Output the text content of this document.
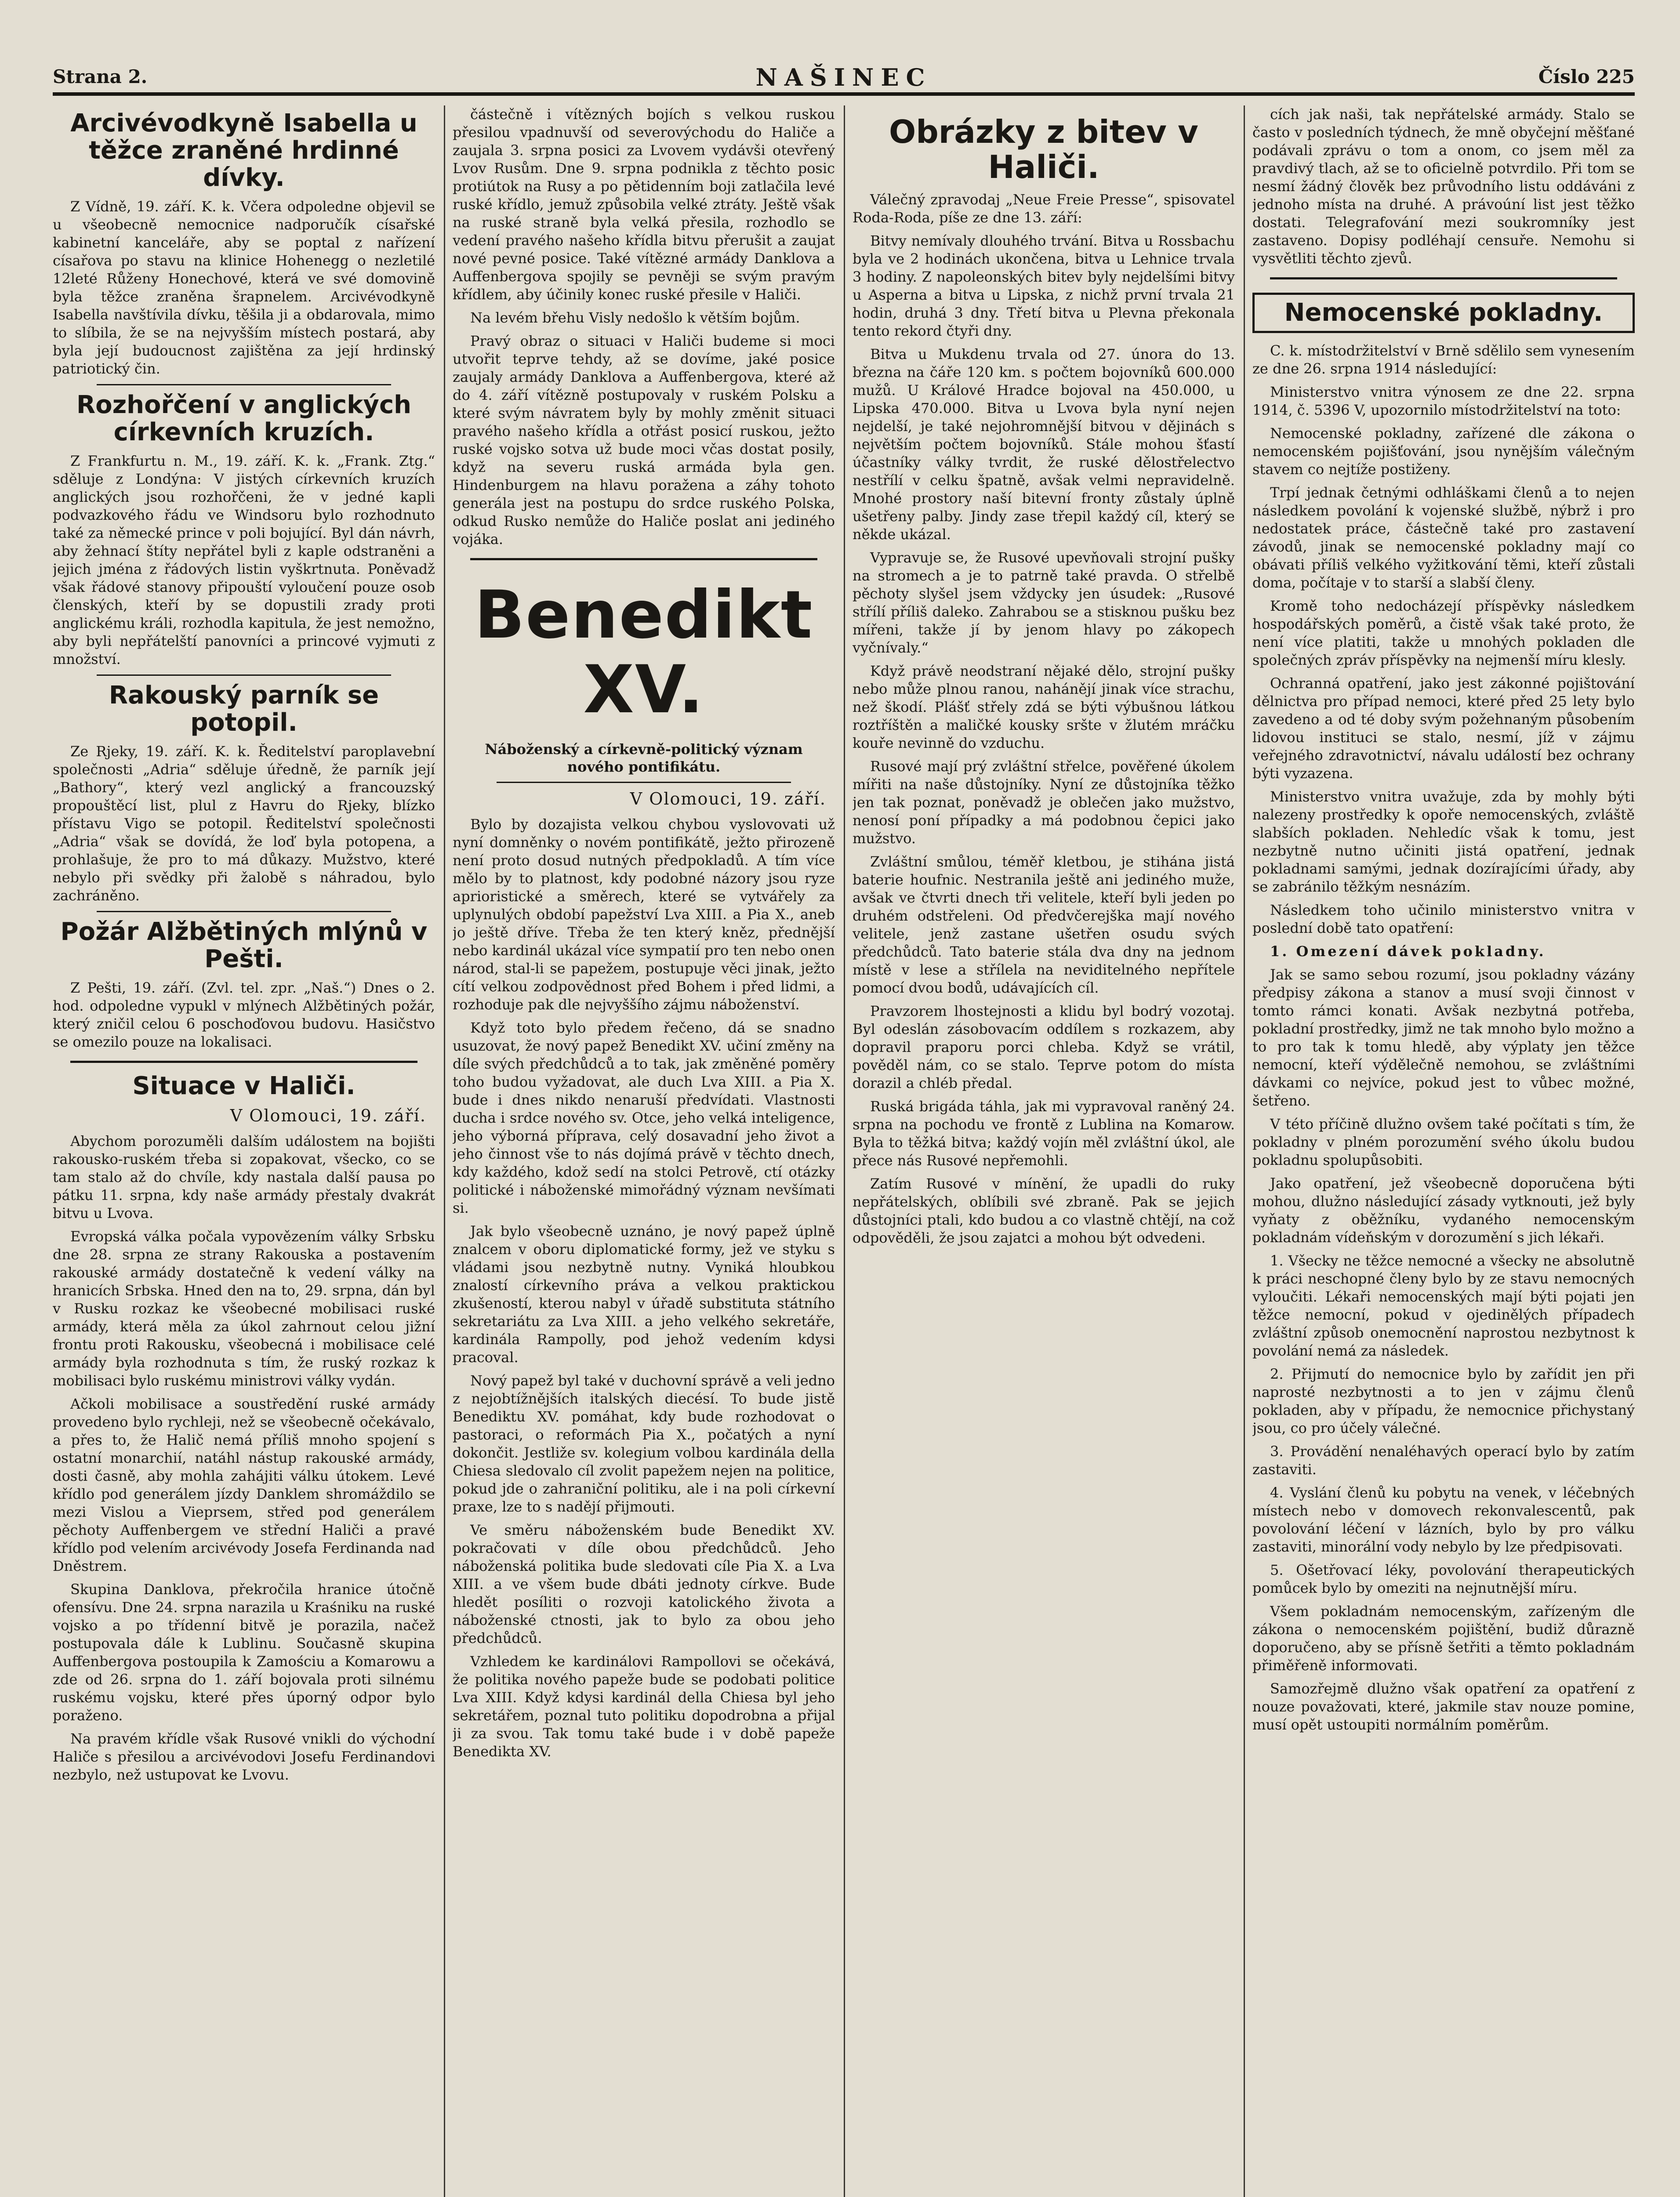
Strana 2.	NAŠINEC	Číslo 225
Arcivévodkyně Isabella u těžce zraněné hrdinné dívky.

Z Vídně, 19. září. K. k. Včera odpoledne objevil se u všeobecně nemocnice nadporučík císařské kabinetní kanceláře, aby se poptal z nařízení císařova po stavu na klinice Hohenegg o nezletilé 12leté Růženy Honechové, která ve své domovině byla těžce zraněna šrapnelem. Arcivévodkyně Isabella navštívila dívku, těšila ji a obdarovala, mimo to slíbila, že se na nejvyšším místech postará, aby byla její budoucnost zajištěna za její hrdinský patriotický čin.

Rozhořčení v anglických církevních kruzích.

Z Frankfurtu n. M., 19. září. K. k. „Frank. Ztg.“ sděluje z Londýna: V jistých církevních kruzích anglických jsou rozhořčeni, že v jedné kapli podvazkového řádu ve Windsoru bylo rozhodnuto také za německé prince v poli bojující. Byl dán návrh, aby žehnací štíty nepřátel byli z kaple odstraněni a jejich jména z řádových listin vyškrtnuta. Poněvadž však řádové stanovy připouští vyloučení pouze osob členských, kteří by se dopustili zrady proti anglickému králi, rozhodla kapitula, že jest nemožno, aby byli nepřátelští panovníci a princové vyjmuti z množství.

Rakouský parník se potopil.

Ze Rjeky, 19. září. K. k. Ředitelství paroplavební společnosti „Adria“ sděluje úředně, že parník její „Bathory“, který vezl anglický a francouzský propouštěcí list, plul z Havru do Rjeky, blízko přístavu Vigo se potopil. Ředitelství společnosti „Adria“ však se dovídá, že loď byla potopena, a prohlašuje, že pro to má důkazy. Mužstvo, které nebylo při svědky při žalobě s náhradou, bylo zachráněno.

Požár Alžbětiných mlýnů v Pešti.

Z Pešti, 19. září. (Zvl. tel. zpr. „Naš.“) Dnes o 2. hod. odpoledne vypukl v mlýnech Alžbětiných požár, který zničil celou 6 poschoďovou budovu. Hasičstvo se omezilo pouze na lokalisaci.

Situace v Haliči.
V Olomouci, 19. září.

Abychom porozuměli dalším událostem na bojišti rakousko-ruském třeba si zopakovat, všecko, co se tam stalo až do chvíle, kdy nastala další pausa po pátku 11. srpna, kdy naše armády přestaly dvakrát bitvu u Lvova.

Evropská válka počala vypovězením války Srbsku dne 28. srpna ze strany Rakouska a postavením rakouské armády dostatečně k vedení války na hranicích Srbska. Hned den na to, 29. srpna, dán byl v Rusku rozkaz ke všeobecné mobilisaci ruské armády, která měla za úkol zahrnout celou jižní frontu proti Rakousku, všeobecná i mobilisace celé armády byla rozhodnuta s tím, že ruský rozkaz k mobilisaci bylo ruskému ministrovi války vydán.

Ačkoli mobilisace a soustředění ruské armády provedeno bylo rychleji, než se všeobecně očekávalo, a přes to, že Halič nemá příliš mnoho spojení s ostatní monarchií, natáhl nástup rakouské armády, dosti časně, aby mohla zahájiti válku útokem. Levé křídlo pod generálem jízdy Danklem shromáždilo se mezi Vislou a Vieprsem, střed pod generálem pěchoty Auffenbergem ve střední Haliči a pravé křídlo pod velením arcivévody Josefa Ferdinanda nad Dněstrem.

Skupina Danklova, překročila hranice útočně ofensívu. Dne 24. srpna narazila u Kraśniku na ruské vojsko a po třídenní bitvě je porazila, načež postupovala dále k Lublinu. Současně skupina Auffenbergova postoupila k Zamościu a Komarowu a zde od 26. srpna do 1. září bojovala proti silnému ruskému vojsku, které přes úporný odpor bylo poraženo.

Na pravém křídle však Rusové vnikli do východní Haliče s přesilou a arcivévodovi Josefu Ferdinandovi nezbylo, než ustupovat ke Lvovu.

částečně i vítězných bojích s velkou ruskou přesilou vpadnuvší od severovýchodu do Haliče a zaujala 3. srpna posici za Lvovem vydávši otevřený Lvov Rusům. Dne 9. srpna podnikla z těchto posic protiútok na Rusy a po pětidenním boji zatlačila levé ruské křídlo, jemuž způsobila velké ztráty. Ještě však na ruské straně byla velká přesila, rozhodlo se vedení pravého našeho křídla bitvu přerušit a zaujat nové pevné posice. Také vítězné armády Danklova a Auffenbergova spojily se pevněji se svým pravým křídlem, aby účinily konec ruské přesile v Haliči.

Na levém břehu Visly nedošlo k větším bojům.

Pravý obraz o situaci v Haliči budeme si moci utvořit teprve tehdy, až se dovíme, jaké posice zaujaly armády Danklova a Auffenbergova, které až do 4. září vítězně postupovaly v ruském Polsku a které svým návratem byly by mohly změnit situaci pravého našeho křídla a otřást posicí ruskou, ježto ruské vojsko sotva už bude moci včas dostat posily, když na severu ruská armáda byla gen. Hindenburgem na hlavu poražena a záhy tohoto generála jest na postupu do srdce ruského Polska, odkud Rusko nemůže do Haliče poslat ani jediného vojáka.

Benedikt XV.
Náboženský a církevně-politický význam nového pontifikátu.
V Olomouci, 19. září.

Bylo by dozajista velkou chybou vyslovovati už nyní domněnky o novém pontifikátě, ježto přirozeně není proto dosud nutných předpokladů. A tím více mělo by to platnost, kdy podobné názory jsou ryze aprioristické a směrech, které se vytvářely za uplynulých období papežství Lva XIII. a Pia X., aneb jo ještě dříve. Třeba že ten který kněz, přednější nebo kardinál ukázal více sympatií pro ten nebo onen národ, stal-li se papežem, postupuje věci jinak, ježto cítí velkou zodpovědnost před Bohem i před lidmi, a rozhoduje pak dle nejvyššího zájmu náboženství.

Když toto bylo předem řečeno, dá se snadno usuzovat, že nový papež Benedikt XV. učiní změny na díle svých předchůdců a to tak, jak změněné poměry toho budou vyžadovat, ale duch Lva XIII. a Pia X. bude i dnes nikdo nenaruší předvídati. Vlastnosti ducha i srdce nového sv. Otce, jeho velká inteligence, jeho výborná příprava, celý dosavadní jeho život a jeho činnost vše to nás dojímá právě v těchto dnech, kdy každého, kdož sedí na stolci Petrově, ctí otázky politické i náboženské mimořádný význam nevšímati si.

Jak bylo všeobecně uznáno, je nový papež úplně znalcem v oboru diplomatické formy, jež ve styku s vládami jsou nezbytně nutny. Vyniká hloubkou znalostí církevního práva a velkou praktickou zkušeností, kterou nabyl v úřadě substituta státního sekretariátu za Lva XIII. a jeho velkého sekretáře, kardinála Rampolly, pod jehož vedením kdysi pracoval.

Nový papež byl také v duchovní správě a veli jedno z nejobtížnějších italských diecésí. To bude jistě Benediktu XV. pomáhat, kdy bude rozhodovat o pastoraci, o reformách Pia X., počatých a nyní dokončit. Jestliže sv. kolegium volbou kardinála della Chiesa sledovalo cíl zvolit papežem nejen na politice, pokud jde o zahraniční politiku, ale i na poli církevní praxe, lze to s nadějí přijmouti.

Ve směru náboženském bude Benedikt XV. pokračovati v díle obou předchůdců. Jeho náboženská politika bude sledovati cíle Pia X. a Lva XIII. a ve všem bude dbáti jednoty církve. Bude hledět posíliti o rozvoji katolického života a náboženské ctnosti, jak to bylo za obou jeho předchůdců.

Vzhledem ke kardinálovi Rampollovi se očekává, že politika nového papeže bude se podobati politice Lva XIII. Když kdysi kardinál della Chiesa byl jeho sekretářem, poznal tuto politiku dopodrobna a přijal ji za svou. Tak tomu také bude i v době papeže Benedikta XV.

Obrázky z bitev v Haliči.

Válečný zpravodaj „Neue Freie Presse“, spisovatel Roda-Roda, píše ze dne 13. září:

Bitvy nemívaly dlouhého trvání. Bitva u Rossbachu byla ve 2 hodinách ukončena, bitva u Lehnice trvala 3 hodiny. Z napoleonských bitev byly nejdelšími bitvy u Asperna a bitva u Lipska, z nichž první trvala 21 hodin, druhá 3 dny. Třetí bitva u Plevna překonala tento rekord čtyři dny.

Bitva u Mukdenu trvala od 27. února do 13. března na čáře 120 km. s počtem bojovníků 600.000 mužů. U Králové Hradce bojoval na 450.000, u Lipska 470.000. Bitva u Lvova byla nyní nejen nejdelší, je také nejohromnější bitvou v dějinách s největším počtem bojovníků. Stále mohou šťastí účastníky války tvrdit, že ruské dělostřelectvo nestřílí v celku špatně, avšak velmi nepravidelně. Mnohé prostory naší bitevní fronty zůstaly úplně ušetřeny palby. Jindy zase třepil každý cíl, který se někde ukázal.

Vypravuje se, že Rusové upevňovali strojní pušky na stromech a je to patrně také pravda. O střelbě pěchoty slyšel jsem vždycky jen úsudek: „Rusové střílí příliš daleko. Zahrabou se a stisknou pušku bez mířeni, takže jí by jenom hlavy po zákopech vyčnívaly.“

Když právě neodstraní nějaké dělo, strojní pušky nebo může plnou ranou, nahánějí jinak více strachu, než škodí. Plášť střely zdá se býti výbušnou látkou roztříštěn a maličké kousky sršte v žlutém mráčku kouře nevinně do vzduchu.

Rusové mají prý zvláštní střelce, pověřené úkolem mířiti na naše důstojníky. Nyní ze důstojníka těžko jen tak poznat, poněvadž je oblečen jako mužstvo, nenosí poní případky a má podobnou čepici jako mužstvo.

Zvláštní smůlou, téměř kletbou, je stihána jistá baterie houfnic. Nestranila ještě ani jediného muže, avšak ve čtvrti dnech tři velitele, kteří byli jeden po druhém odstřeleni. Od předvčerejška mají nového velitele, jenž zastane ušetřen osudu svých předchůdců. Tato baterie stála dva dny na jednom místě v lese a střílela na neviditelného nepřítele pomocí dvou bodů, udávajících cíl.

Pravzorem lhostejnosti a klidu byl bodrý vozotaj. Byl odeslán zásobovacím oddílem s rozkazem, aby dopravil praporu porci chleba. Když se vrátil, pověděl nám, co se stalo. Teprve potom do místa dorazil a chléb předal.

Ruská brigáda táhla, jak mi vypravoval raněný 24. srpna na pochodu ve frontě z Lublina na Komarow. Byla to těžká bitva; každý vojín měl zvláštní úkol, ale přece nás Rusové nepřemohli.

Zatím Rusové v mínění, že upadli do ruky nepřátelských, oblíbili své zbraně. Pak se jejich důstojníci ptali, kdo budou a co vlastně chtějí, na což odpověděli, že jsou zajatci a mohou být odvedeni.

cích jak naši, tak nepřátelské armády. Stalo se často v posledních týdnech, že mně obyčejní měšťané podávali zprávu o tom a onom, co jsem měl za pravdivý tlach, až se to oficielně potvrdilo. Při tom se nesmí žádný člověk bez průvodního listu oddáváni z jednoho místa na druhé. A právoúní list jest těžko dostati. Telegrafování mezi soukromníky jest zastaveno. Dopisy podléhají censuře. Nemohu si vysvětliti těchto zjevů.

Nemocenské pokladny.

C. k. místodržitelství v Brně sdělilo sem vynesením ze dne 26. srpna 1914 následující:

Ministerstvo vnitra výnosem ze dne 22. srpna 1914, č. 5396 V, upozornilo místodržitelství na toto:

Nemocenské pokladny, zařízené dle zákona o nemocenském pojišťování, jsou nynějším válečným stavem co nejtíže postiženy.

Trpí jednak četnými odhláškami členů a to nejen následkem povolání k vojenské službě, nýbrž i pro nedostatek práce, částečně také pro zastavení závodů, jinak se nemocenské pokladny mají co obávati příliš velkého vyžitkování těmi, kteří zůstali doma, počítaje v to starší a slabší členy.

Kromě toho nedocházejí příspěvky následkem hospodářských poměrů, a čistě však také proto, že není více platiti, takže u mnohých pokladen dle společných zpráv příspěvky na nejmenší míru klesly.

Ochranná opatření, jako jest zákonné pojištování dělnictva pro případ nemoci, které před 25 lety bylo zavedeno a od té doby svým požehnaným působením lidovou instituci se stalo, nesmí, jíž v zájmu veřejného zdravotnictví, návalu událostí bez ochrany býti vyzazena.

Ministerstvo vnitra uvažuje, zda by mohly býti nalezeny prostředky k opoře nemocenských, zvláště slabších pokladen. Nehledíc však k tomu, jest nezbytně nutno učiniti jistá opatření, jednak pokladnami samými, jednak dozírajícími úřady, aby se zabránilo těžkým nesnázím.

Následkem toho učinilo ministerstvo vnitra v poslední době tato opatření:

1. Omezení dávek pokladny.

Jak se samo sebou rozumí, jsou pokladny vázány předpisy zákona a stanov a musí svoji činnost v tomto rámci konati. Avšak nezbytná potřeba, pokladní prostředky, jimž ne tak mnoho bylo možno a to pro tak k tomu hledě, aby výplaty jen těžce nemocní, kteří výdělečně nemohou, se zvláštními dávkami co nejvíce, pokud jest to vůbec možné, šetřeno.

V této příčině dlužno ovšem také počítati s tím, že pokladny v plném porozumění svého úkolu budou pokladnu spolupůsobiti.

Jako opatření, jež všeobecně doporučena býti mohou, dlužno následující zásady vytknouti, jež byly vyňaty z oběžníku, vydaného nemocenským pokladnám vídeňským v dorozumění s jich lékaři.

1. Všecky ne těžce nemocné a všecky ne absolutně k práci neschopné členy bylo by ze stavu nemocných vyloučiti. Lékaři nemocenských mají býti pojati jen těžce nemocní, pokud v ojedinělých případech zvláštní způsob onemocnění naprostou nezbytnost k povolání nemá za následek.

2. Přijmutí do nemocnice bylo by zařídit jen při naprosté nezbytnosti a to jen v zájmu členů pokladen, aby v případu, že nemocnice přichystaný jsou, co pro účely válečné.

3. Provádění nenaléhavých operací bylo by zatím zastaviti.

4. Vyslání členů ku pobytu na venek, v léčebných místech nebo v domovech rekonvalescentů, pak povolování léčení v lázních, bylo by pro válku zastaviti, minorální vody nebylo by lze předpisovati.

5. Ošetřovací léky, povolování therapeutických pomůcek bylo by omeziti na nejnutnější míru.

Všem pokladnám nemocenským, zařízeným dle zákona o nemocenském pojištění, budiž důrazně doporučeno, aby se přísně šetřiti a těmto pokladnám přiměřeně informovati.

Samozřejmě dlužno však opatření za opatření z nouze považovati, které, jakmile stav nouze pomine, musí opět ustoupiti normálním poměrům.
